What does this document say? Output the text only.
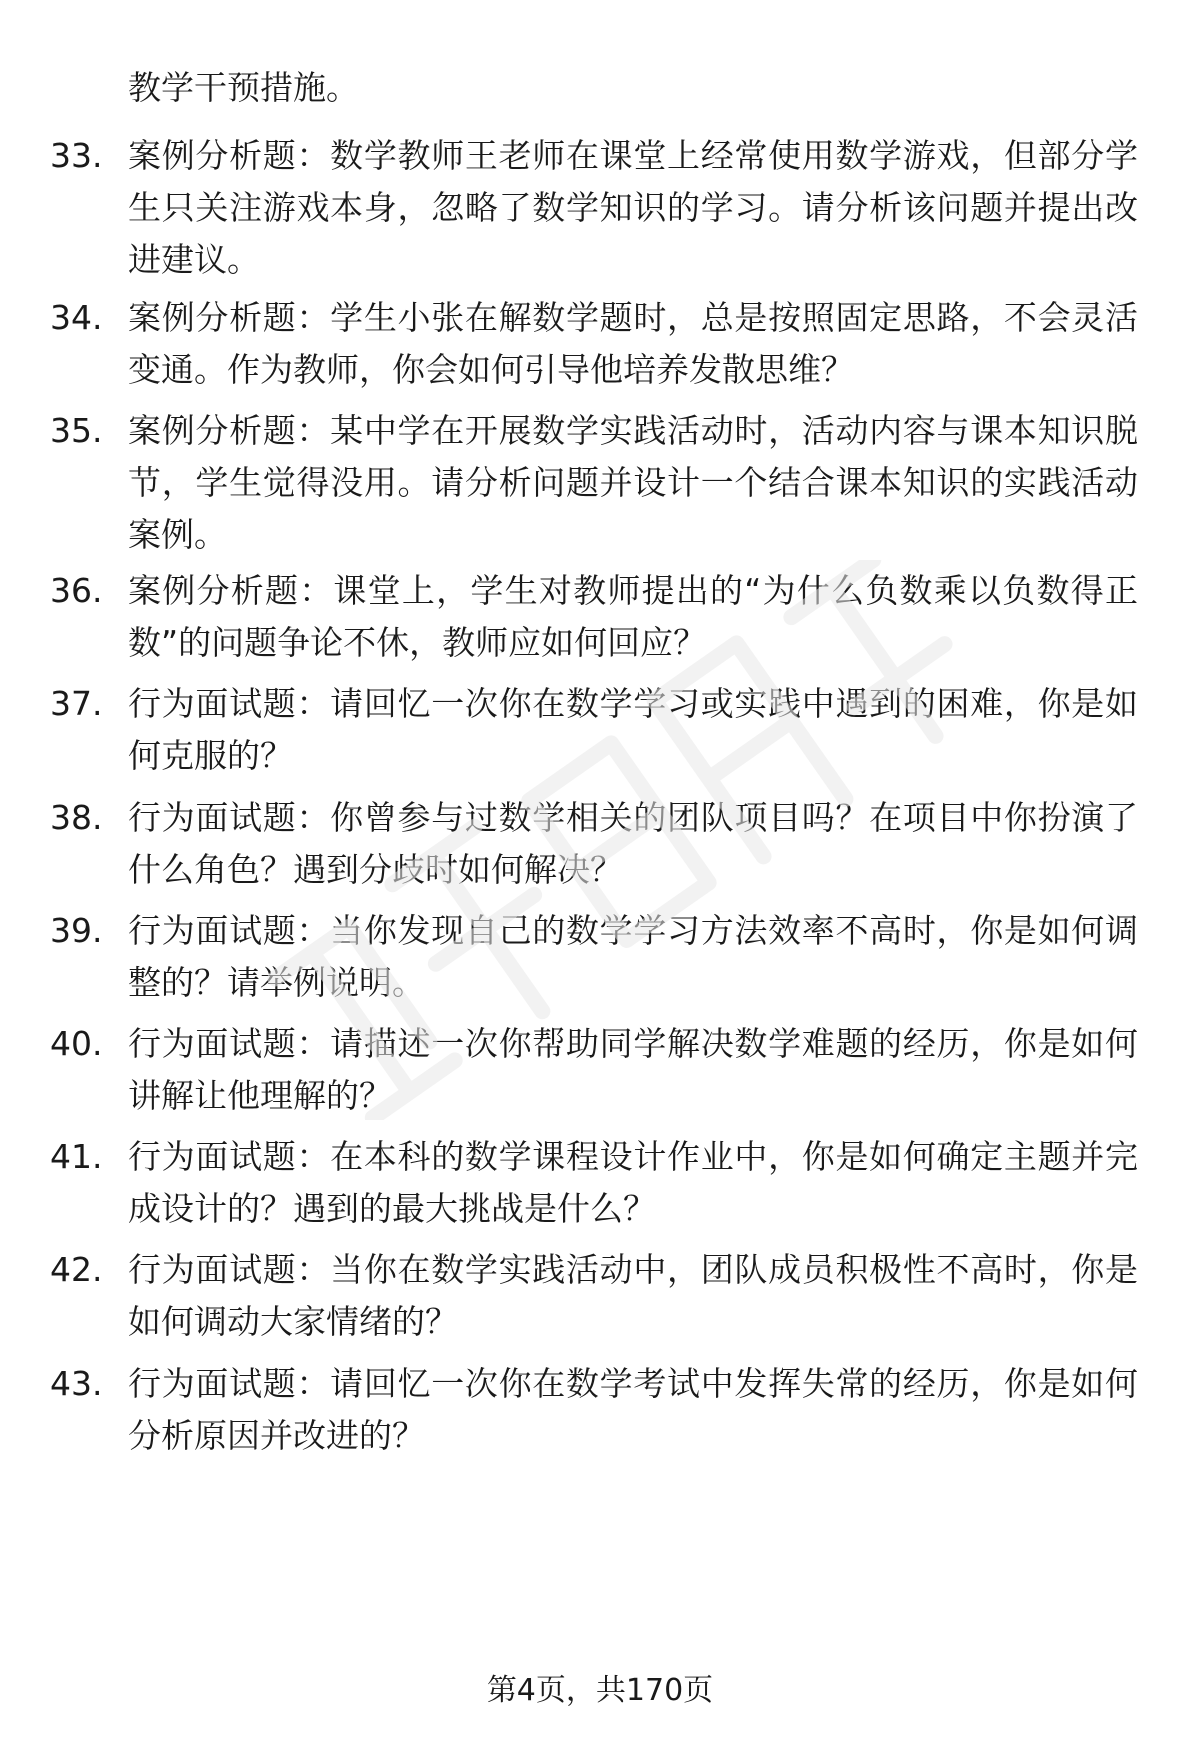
教学干预措施。
33. 案例分析题：数学教师王老师在课堂上经常使用数学游戏，但部分学生只关注游戏本身，忽略了数学知识的学习。请分析该问题并提出改进建议。
34. 案例分析题：学生小张在解数学题时，总是按照固定思路，不会灵活变通。作为教师，你会如何引导他培养发散思维？
35. 案例分析题：某中学在开展数学实践活动时，活动内容与课本知识脱节，学生觉得没用。请分析问题并设计一个结合课本知识的实践活动案例。
36. 案例分析题：课堂上，学生对教师提出的“为什么负数乘以负数得正数”的问题争论不休，教师应如何回应？
37. 行为面试题：请回忆一次你在数学学习或实践中遇到的困难，你是如何克服的？
38. 行为面试题：你曾参与过数学相关的团队项目吗？在项目中你扮演了什么角色？遇到分歧时如何解决？
39. 行为面试题：当你发现自己的数学学习方法效率不高时，你是如何调整的？请举例说明。
40. 行为面试题：请描述一次你帮助同学解决数学难题的经历，你是如何讲解让他理解的？
41. 行为面试题：在本科的数学课程设计作业中，你是如何确定主题并完成设计的？遇到的最大挑战是什么？
42. 行为面试题：当你在数学实践活动中，团队成员积极性不高时，你是如何调动大家情绪的？
43. 行为面试题：请回忆一次你在数学考试中发挥失常的经历，你是如何分析原因并改进的？
第4页，共170页
